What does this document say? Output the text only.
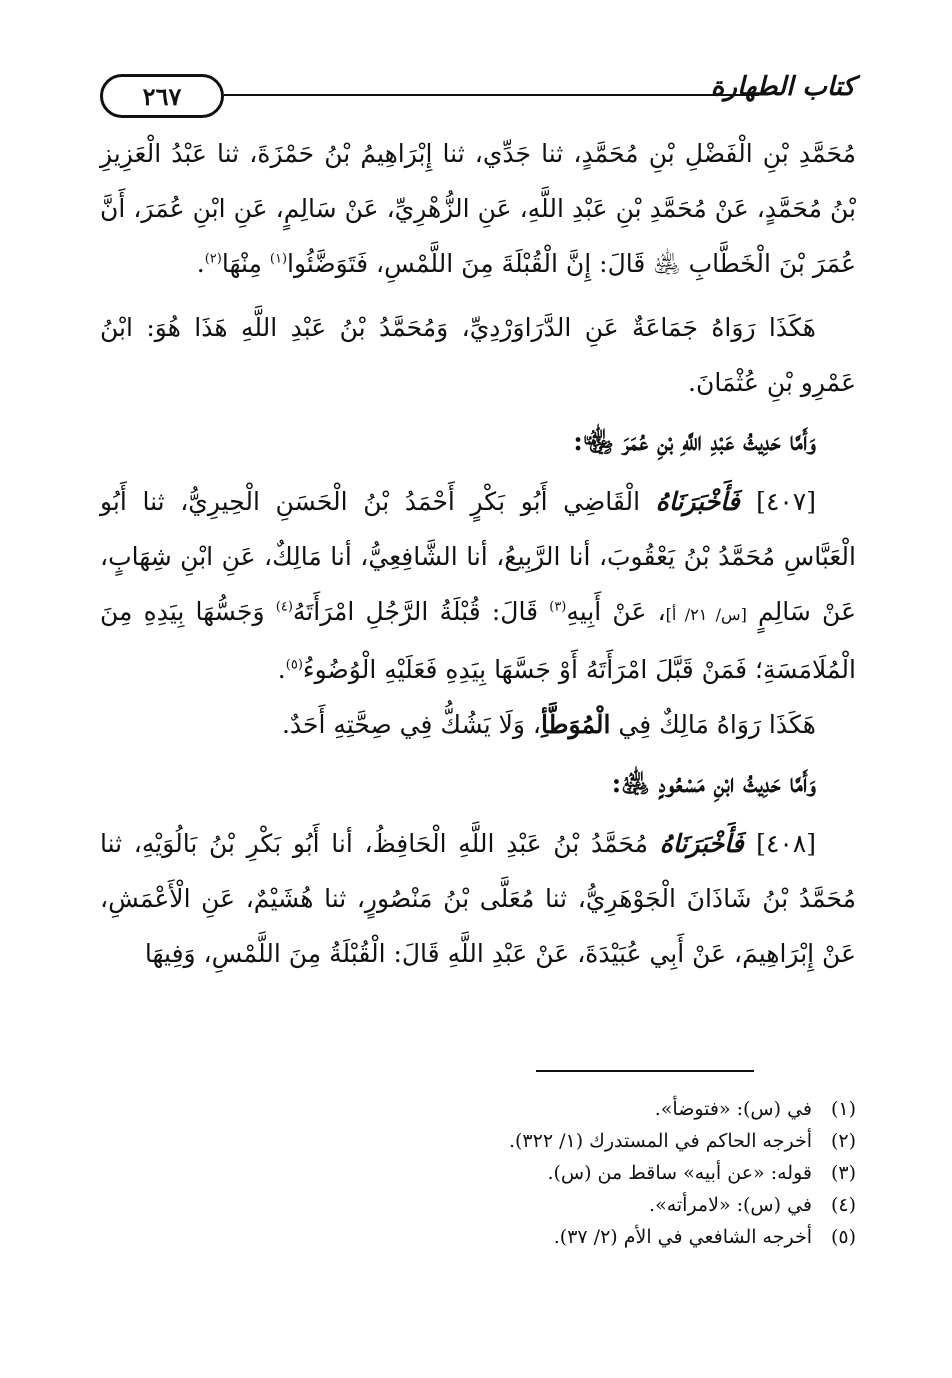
٢٦٧	كتاب الطهارة

مُحَمَّدِ بْنِ الْفَضْلِ بْنِ مُحَمَّدٍ، ثنا جَدِّي، ثنا إِبْرَاهِيمُ بْنُ حَمْزَةَ، ثنا عَبْدُ الْعَزِيزِ بْنُ مُحَمَّدٍ، عَنْ مُحَمَّدِ بْنِ عَبْدِ اللَّهِ، عَنِ الزُّهْرِيِّ، عَنْ سَالِمٍ، عَنِ ابْنِ عُمَرَ، أَنَّ عُمَرَ بْنَ الْخَطَّابِ ﵁ قَالَ: إِنَّ الْقُبْلَةَ مِنَ اللَّمْسِ، فَتَوَضَّئُوا$^{(١)}$ مِنْهَا$^{(٢)}$.

هَكَذَا رَوَاهُ جَمَاعَةٌ عَنِ الدَّرَاوَرْدِيِّ، وَمُحَمَّدُ بْنُ عَبْدِ اللَّهِ هَذَا هُوَ: ابْنُ عَمْرِو بْنِ عُثْمَانَ.

وَأَمَّا حَدِيثُ عَبْدِ اللَّهِ بْنِ عُمَرَ ﵄:

[٤٠٧] فَأَخْبَرَنَاهُ الْقَاضِي أَبُو بَكْرٍ أَحْمَدُ بْنُ الْحَسَنِ الْحِيرِيُّ، ثنا أَبُو الْعَبَّاسِ مُحَمَّدُ بْنُ يَعْقُوبَ، أنا الرَّبِيعُ، أنا الشَّافِعِيُّ، أنا مَالِكٌ، عَنِ ابْنِ شِهَابٍ، عَنْ سَالِمٍ [س/ ٢١/ أ]، عَنْ أَبِيهِ$^{(٣)}$ قَالَ: قُبْلَةُ الرَّجُلِ امْرَأَتَهُ$^{(٤)}$ وَجَسُّهَا بِيَدِهِ مِنَ الْمُلَامَسَةِ؛ فَمَنْ قَبَّلَ امْرَأَتَهُ أَوْ جَسَّهَا بِيَدِهِ فَعَلَيْهِ الْوُضُوءُ$^{(٥)}$.

هَكَذَا رَوَاهُ مَالِكٌ فِي الْمُوَطَّأِ، وَلَا يَشُكُّ فِي صِحَّتِهِ أَحَدٌ.

وَأَمَّا حَدِيثُ ابْنِ مَسْعُودٍ ﵁:

[٤٠٨] فَأَخْبَرَنَاهُ مُحَمَّدُ بْنُ عَبْدِ اللَّهِ الْحَافِظُ، أنا أَبُو بَكْرِ بْنُ بَالُوَيْهِ، ثنا مُحَمَّدُ بْنُ شَاذَانَ الْجَوْهَرِيُّ، ثنا مُعَلَّى بْنُ مَنْصُورٍ، ثنا هُشَيْمٌ، عَنِ الْأَعْمَشِ، عَنْ إِبْرَاهِيمَ، عَنْ أَبِي عُبَيْدَةَ، عَنْ عَبْدِ اللَّهِ قَالَ: الْقُبْلَةُ مِنَ اللَّمْسِ، وَفِيهَا

(١)في (س): «فتوضأ».
(٢)أخرجه الحاكم في المستدرك (١/ ٣٢٢).
(٣)قوله: «عن أبيه» ساقط من (س).
(٤)في (س): «لامرأته».
(٥)أخرجه الشافعي في الأم (٢/ ٣٧).
